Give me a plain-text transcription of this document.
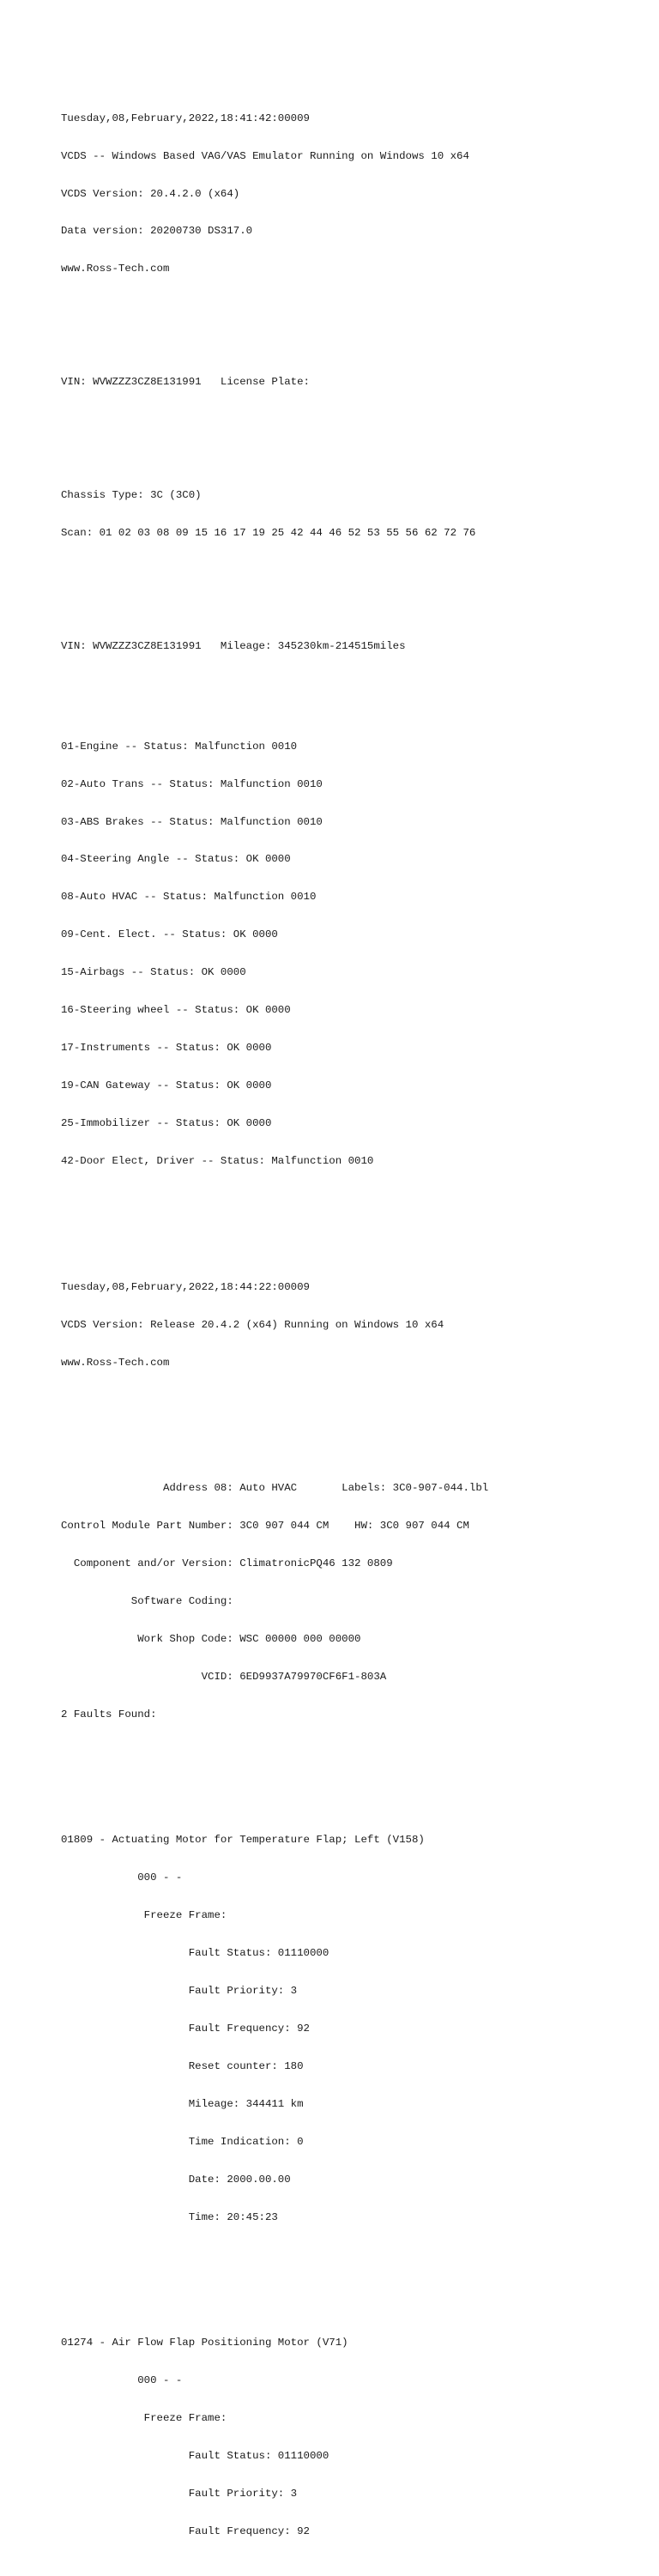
Tuesday,08,February,2022,18:41:42:00009

VCDS -- Windows Based VAG/VAS Emulator Running on Windows 10 x64

VCDS Version: 20.4.2.0 (x64)

Data version: 20200730 DS317.0

www.Ross-Tech.com

VIN: WVWZZZ3CZ8E131991   License Plate:

Chassis Type: 3C (3C0)

Scan: 01 02 03 08 09 15 16 17 19 25 42 44 46 52 53 55 56 62 72 76

VIN: WVWZZZ3CZ8E131991   Mileage: 345230km-214515miles

01-Engine -- Status: Malfunction 0010

02-Auto Trans -- Status: Malfunction 0010

03-ABS Brakes -- Status: Malfunction 0010

04-Steering Angle -- Status: OK 0000

08-Auto HVAC -- Status: Malfunction 0010

09-Cent. Elect. -- Status: OK 0000

15-Airbags -- Status: OK 0000

16-Steering wheel -- Status: OK 0000

17-Instruments -- Status: OK 0000

19-CAN Gateway -- Status: OK 0000

25-Immobilizer -- Status: OK 0000

42-Door Elect, Driver -- Status: Malfunction 0010

Tuesday,08,February,2022,18:44:22:00009

VCDS Version: Release 20.4.2 (x64) Running on Windows 10 x64

www.Ross-Tech.com

Address 08: Auto HVAC       Labels: 3C0-907-044.lbl

Control Module Part Number: 3C0 907 044 CM    HW: 3C0 907 044 CM

Component and/or Version: ClimatronicPQ46 132 0809

Software Coding:

Work Shop Code: WSC 00000 000 00000

VCID: 6ED9937A79970CF6F1-803A

2 Faults Found:

01809 - Actuating Motor for Temperature Flap; Left (V158)

000 - -

Freeze Frame:

Fault Status: 01110000

Fault Priority: 3

Fault Frequency: 92

Reset counter: 180

Mileage: 344411 km

Time Indication: 0

Date: 2000.00.00

Time: 20:45:23

01274 - Air Flow Flap Positioning Motor (V71)

000 - -

Freeze Frame:

Fault Status: 01110000

Fault Priority: 3

Fault Frequency: 92
